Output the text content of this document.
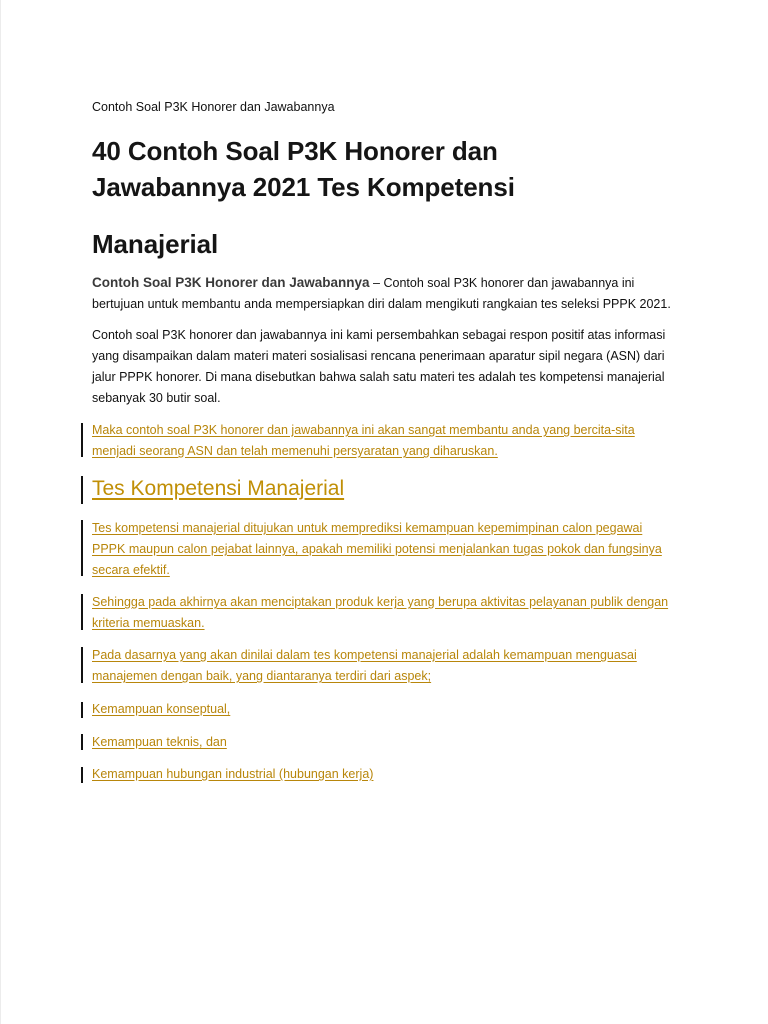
Contoh Soal P3K Honorer dan Jawabannya
40 Contoh Soal P3K Honorer dan
Jawabannya 2021 Tes Kompetensi
Manajerial
Contoh Soal P3K Honorer dan Jawabannya – Contoh soal P3K honorer dan jawabannya ini
bertujuan untuk membantu anda mempersiapkan diri dalam mengikuti rangkaian tes seleksi PPPK 2021.
Contoh soal P3K honorer dan jawabannya ini kami persembahkan sebagai respon positif atas informasi
yang disampaikan dalam materi materi sosialisasi rencana penerimaan aparatur sipil negara (ASN) dari
jalur PPPK honorer. Di mana disebutkan bahwa salah satu materi tes adalah tes kompetensi manajerial
sebanyak 30 butir soal.
Maka contoh soal P3K honorer dan jawabannya ini akan sangat membantu anda yang bercita-sita
menjadi seorang ASN dan telah memenuhi persyaratan yang diharuskan.
Tes Kompetensi Manajerial
Tes kompetensi manajerial ditujukan untuk memprediksi kemampuan kepemimpinan calon pegawai
PPPK maupun calon pejabat lainnya, apakah memiliki potensi menjalankan tugas pokok dan fungsinya
secara efektif.
Sehingga pada akhirnya akan menciptakan produk kerja yang berupa aktivitas pelayanan publik dengan
kriteria memuaskan.
Pada dasarnya yang akan dinilai dalam tes kompetensi manajerial adalah kemampuan menguasai
manajemen dengan baik, yang diantaranya terdiri dari aspek;
Kemampuan konseptual,
Kemampuan teknis, dan
Kemampuan hubungan industrial (hubungan kerja)
